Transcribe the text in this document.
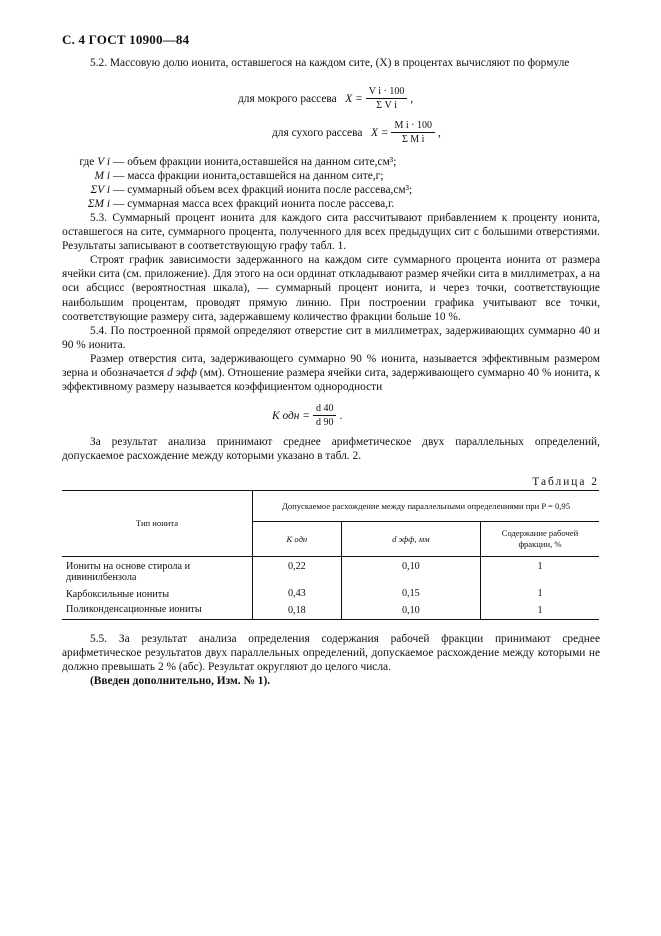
С. 4 ГОСТ 10900—84

5.2. Массовую долю ионита, оставшегося на каждом сите, (X) в процентах вычисляют по формуле

для мокрого рассева
$X = \frac{\text{V i · 100}}{\text{Σ V i}}$ ,
для сухого рассева
$X = \frac{\text{M i · 100}}{\text{Σ M i}}$ ,
где V i — объем фракции ионита,оставшейся на данном сите,см³;
M i — масса фракции ионита,оставшейся на данном сите,г;
ΣV i — суммарный объем всех фракций ионита после рассева,см³;
ΣM i — суммарная масса всех фракций ионита после рассева,г.

5.3. Суммарный процент ионита для каждого сита рассчитывают прибавлением к проценту ионита, оставшегося на сите, суммарного процента, полученного для всех предыдущих сит с большими отверстиями. Результаты записывают в соответствующую графу табл. 1.

Строят график зависимости задержанного на каждом сите суммарного процента ионита от размера ячейки сита (см. приложение). Для этого на оси ординат откладывают размер ячейки сита в миллиметрах, а на оси абсцисс (вероятностная шкала), — суммарный процент ионита, и через точки, соответствующие наибольшим процентам, проводят прямую линию. При построении графика учитывают все точки, соответствующие размеру сита, задержавшему количество фракции больше 10 %.

5.4. По построенной прямой определяют отверстие сит в миллиметрах, задерживающих суммарно 40 и 90 % ионита.

Размер отверстия сита, задерживающего суммарно 90 % ионита, называется эффективным размером зерна и обозначается d эфф (мм). Отношение размера ячейки сита, задерживающего суммарно 40 % ионита, к эффективному размеру называется коэффициентом однородности

K одн = $\frac{d 40}{d 90}$ .

За результат анализа принимают среднее арифметическое двух параллельных определений, допускаемое расхождение между которыми указано в табл. 2.

Таблица 2
Тип ионита	Допускаемое расхождение между параллельными определениями при P = 0,95		
	K одн	d эфф, мм	Содержание рабочей фракции, %
Иониты на основе стирола и дивинилбензола	0,22	0,10	1
Карбоксильные иониты	0,43	0,15	1
Поликонденсационные иониты	0,18	0,10	1

5.5. За результат анализа определения содержания рабочей фракции принимают среднее арифметическое результатов двух параллельных определений, допускаемое расхождение между которыми не должно превышать 2 % (абс). Результат округляют до целого числа.

(Введен дополнительно, Изм. № 1).
